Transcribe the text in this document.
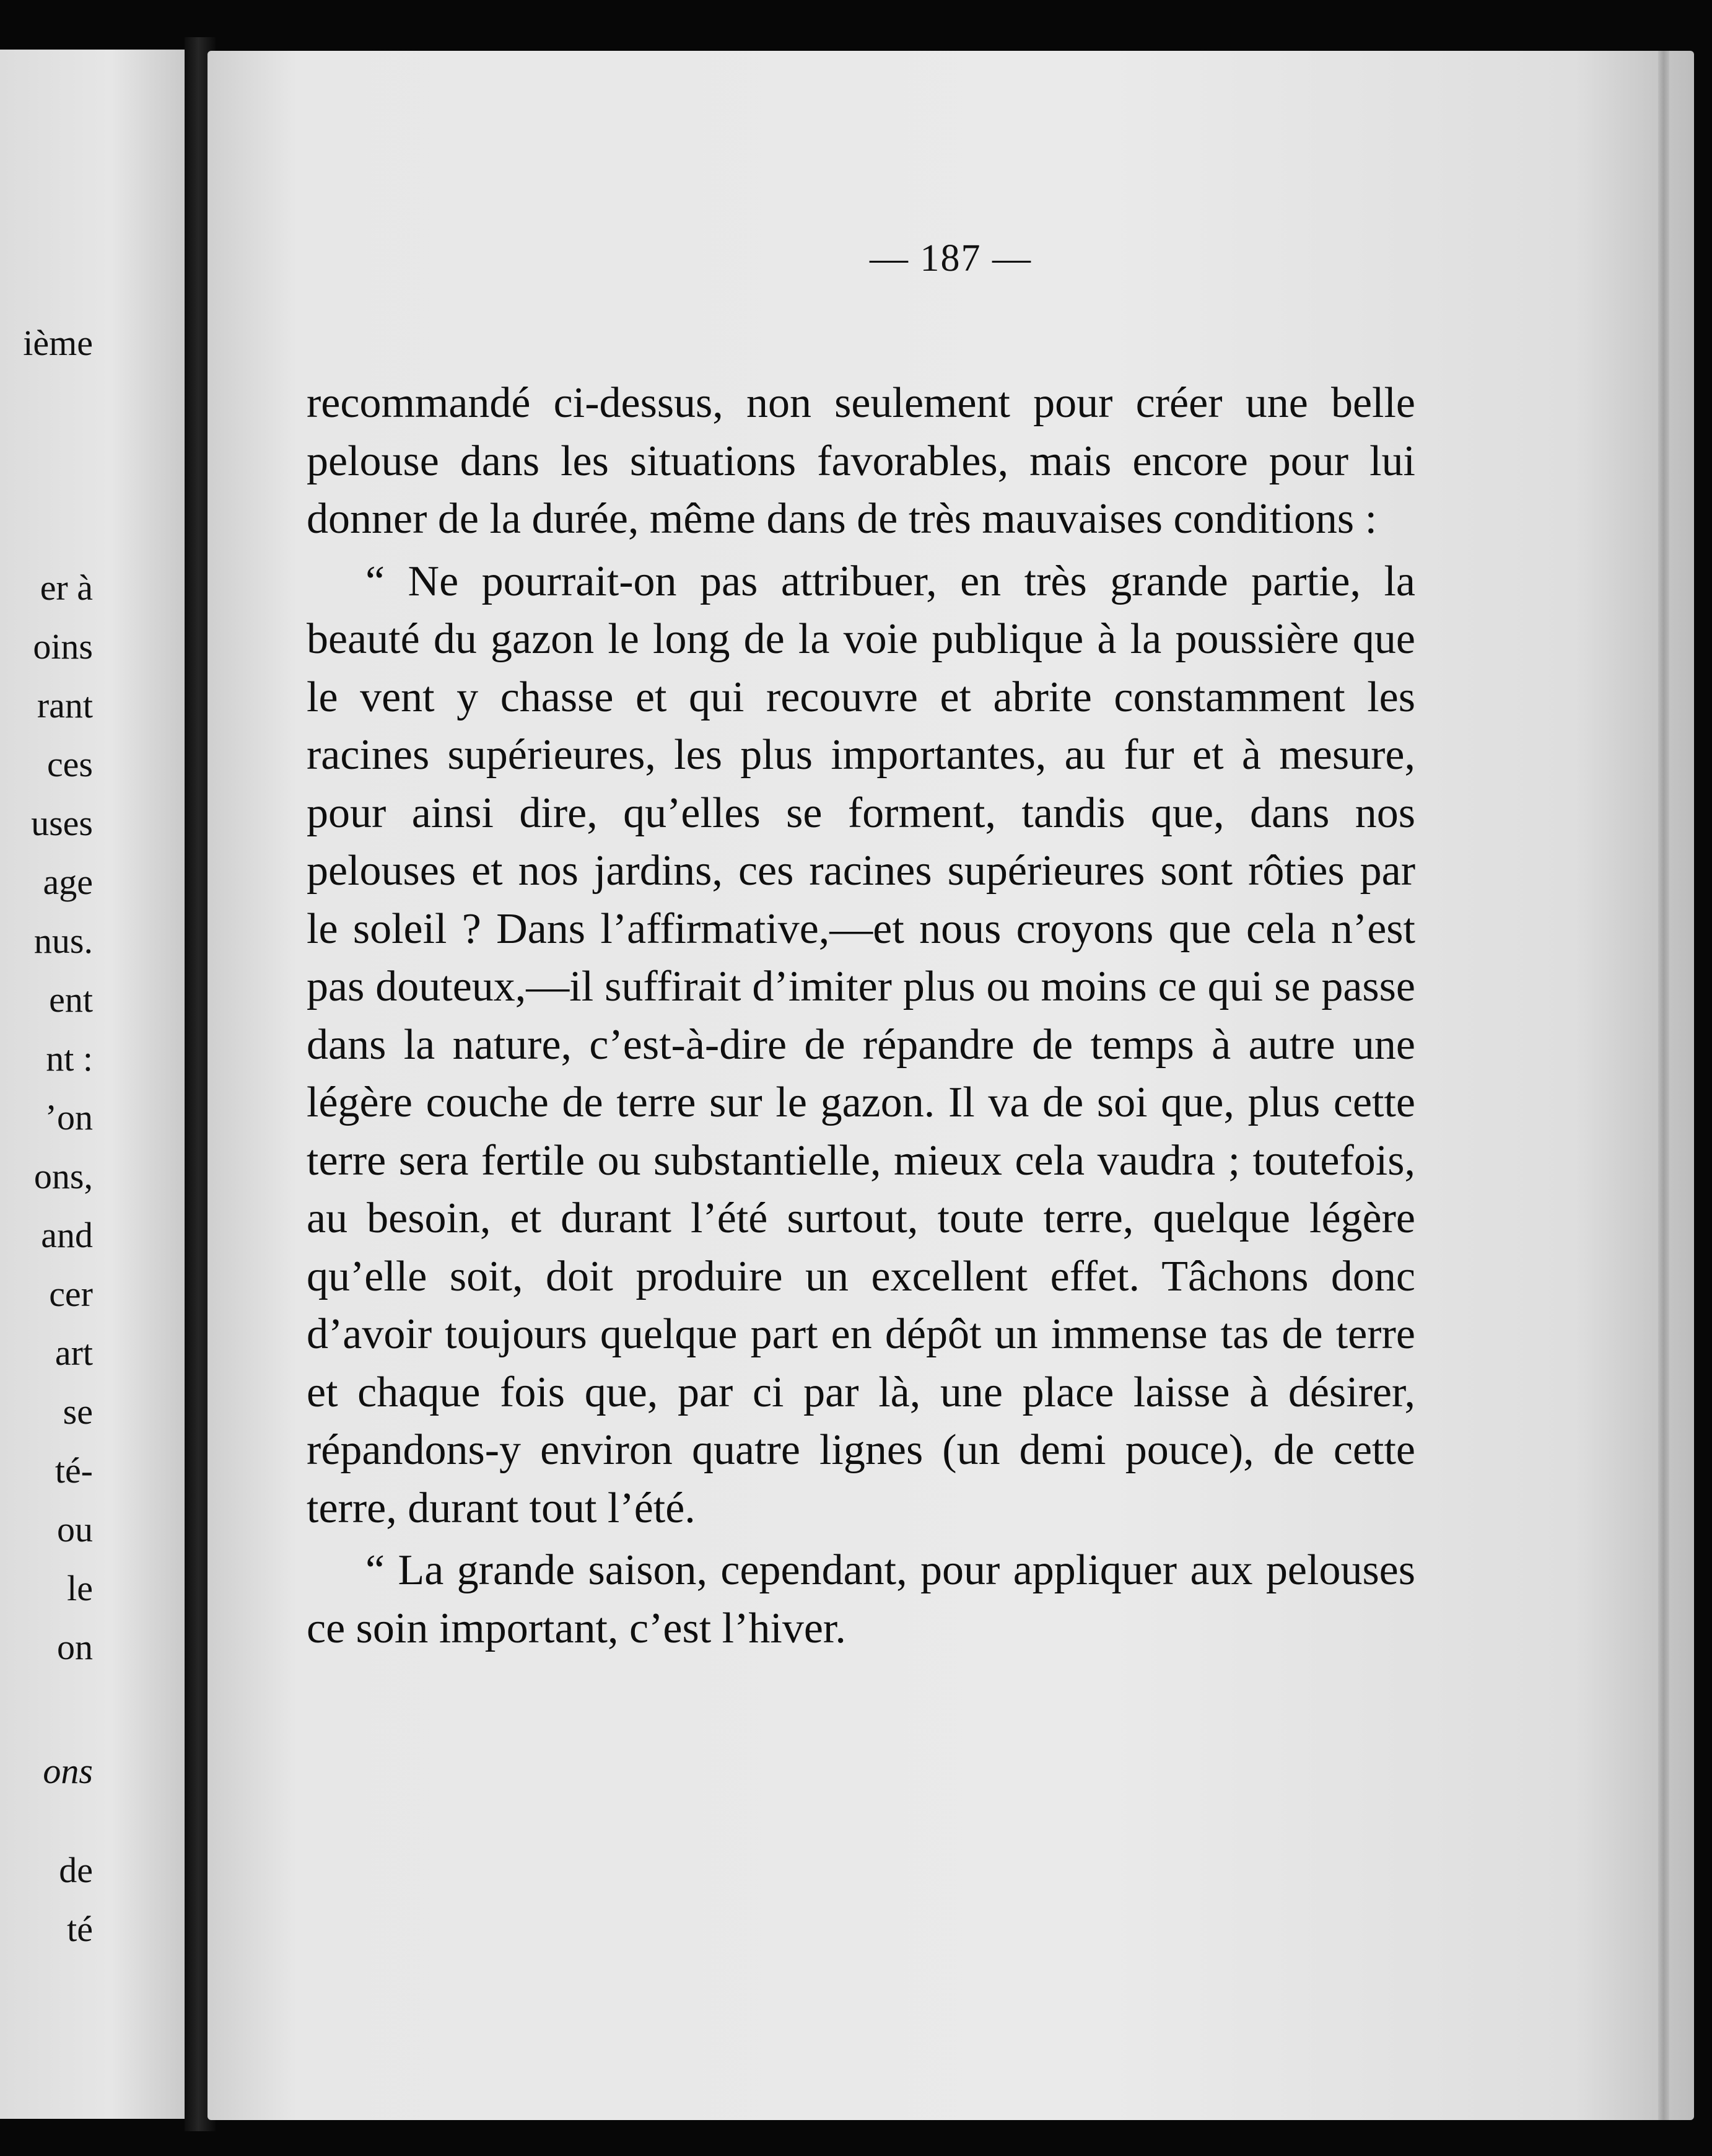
ième
er à
oins
rant
ces
uses
age
nus.
ent
nt :
’on
ons,
and
cer
art
se
té-
ou
le
on
ons
de
té
— 187 —

recommandé ci-dessus, non seulement pour créer une belle pelouse dans les situations favorables, mais encore pour lui donner de la durée, même dans de très mauvaises conditions :

“ Ne pourrait-on pas attribuer, en très grande partie, la beauté du gazon le long de la voie publique à la poussière que le vent y chasse et qui recouvre et abrite constamment les racines supérieures, les plus importantes, au fur et à mesure, pour ainsi dire, qu’elles se forment, tandis que, dans nos pelouses et nos jardins, ces racines supérieures sont rôties par le soleil ? Dans l’affirmative,—et nous croyons que cela n’est pas douteux,—il suffirait d’imiter plus ou moins ce qui se passe dans la nature, c’est-à-dire de répandre de temps à autre une légère couche de terre sur le gazon. Il va de soi que, plus cette terre sera fertile ou substantielle, mieux cela vaudra ; toutefois, au besoin, et durant l’été surtout, toute terre, quelque légère qu’elle soit, doit produire un excellent effet. Tâchons donc d’avoir toujours quelque part en dépôt un immense tas de terre et chaque fois que, par ci par là, une place laisse à désirer, répandons-y environ quatre lignes (un demi pouce), de cette terre, durant tout l’été.

“ La grande saison, cependant, pour appliquer aux pelouses ce soin important, c’est l’hiver.
